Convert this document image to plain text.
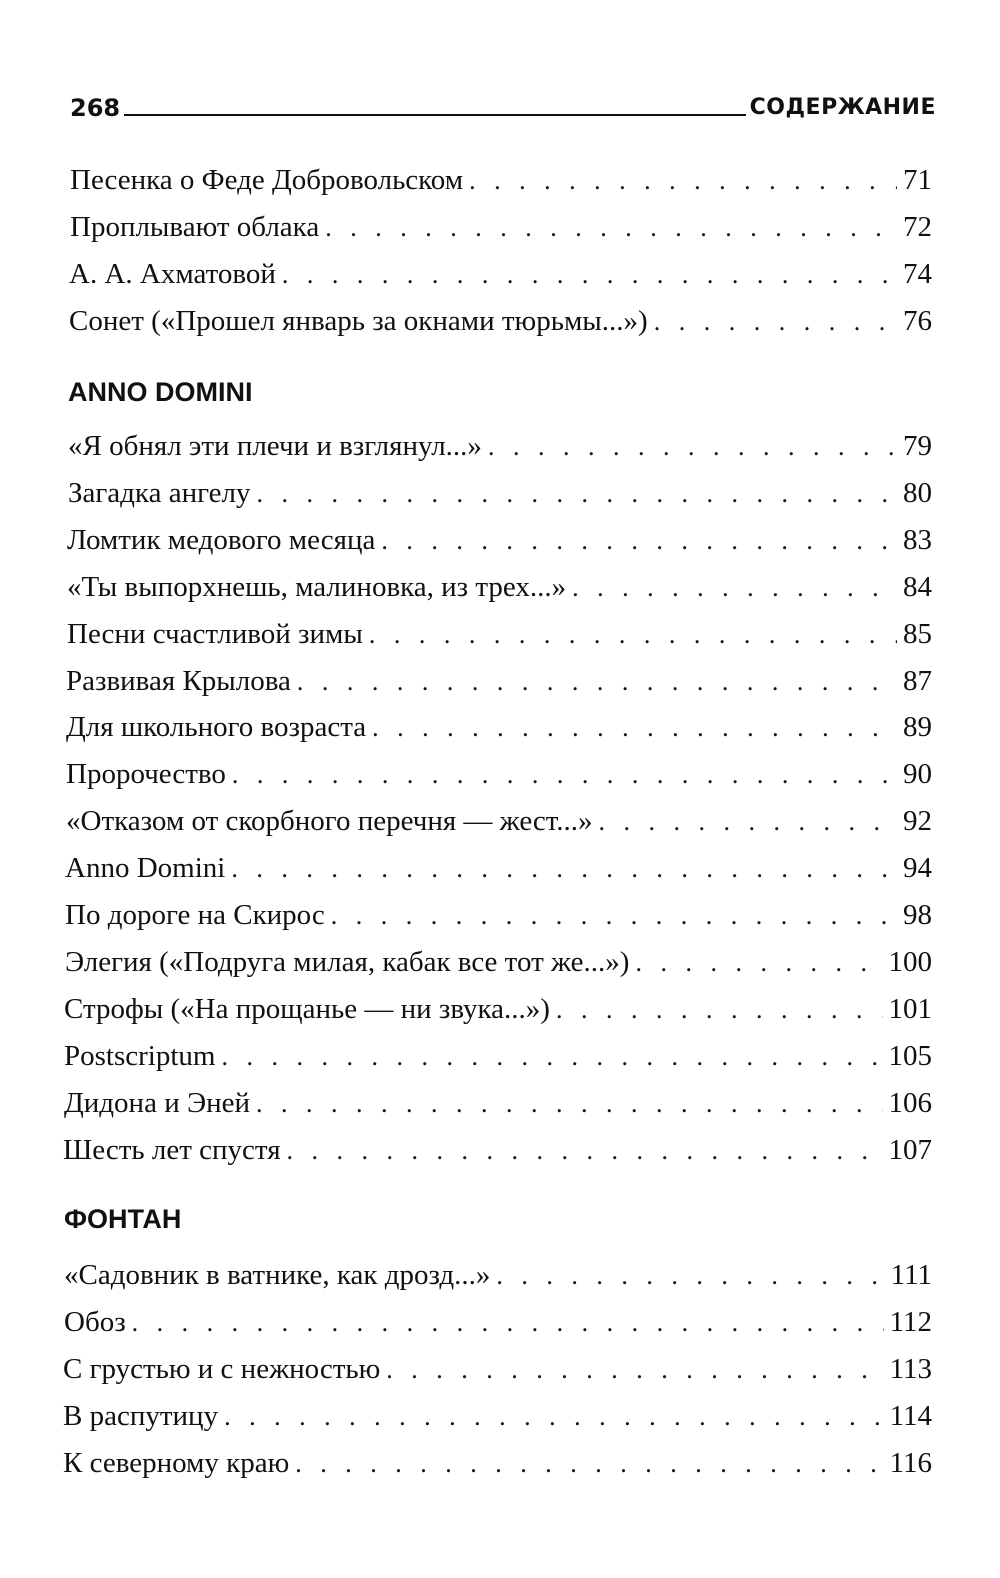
268	СОДЕРЖАНИЕ
Песенка о Феде Добровольском . . .	71
Проплывают облака . . .	72
А. А. Ахматовой . . .	74
Сонет («Прошел январь за окнами тюрьмы...») . . .	76
ANNO DOMINI
«Я обнял эти плечи и взглянул...» . . .	79
Загадка ангелу . . .	80
Ломтик медового месяца . . .	83
«Ты выпорхнешь, малиновка, из трех...» . . .	84
Песни счастливой зимы . . .	85
Развивая Крылова . . .	87
Для школьного возраста . . .	89
Пророчество . . .	90
«Отказом от скорбного перечня — жест...» . . .	92
Anno Domini . . .	94
По дороге на Скирос . . .	98
Элегия («Подруга милая, кабак все тот же...») . . .	100
Строфы («На прощанье — ни звука...») . . .	101
Postscriptum . . .	105
Дидона и Эней . . .	106
Шесть лет спустя . . .	107
ФОНТАН
«Садовник в ватнике, как дрозд...» . . .	111
Обоз . . .	112
С грустью и с нежностью . . .	113
В распутицу . . .	114
К северному краю . . .	116
